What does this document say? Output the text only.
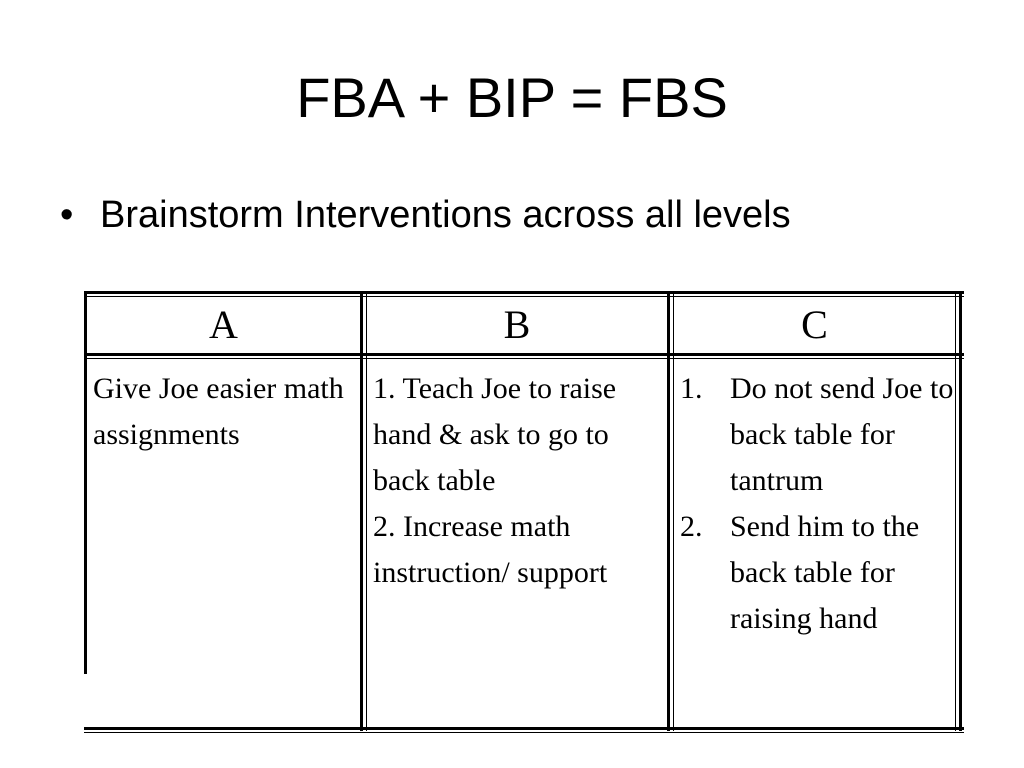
FBA + BIP = FBS
• Brainstorm Interventions across all levels
A	B	C

Give Joe easier math assignments

1. Teach Joe to raise hand & ask to go to back table

2. Increase math instruction/ support

1. Do not send Joe to back table for tantrum
2. Send him to the back table for raising hand
